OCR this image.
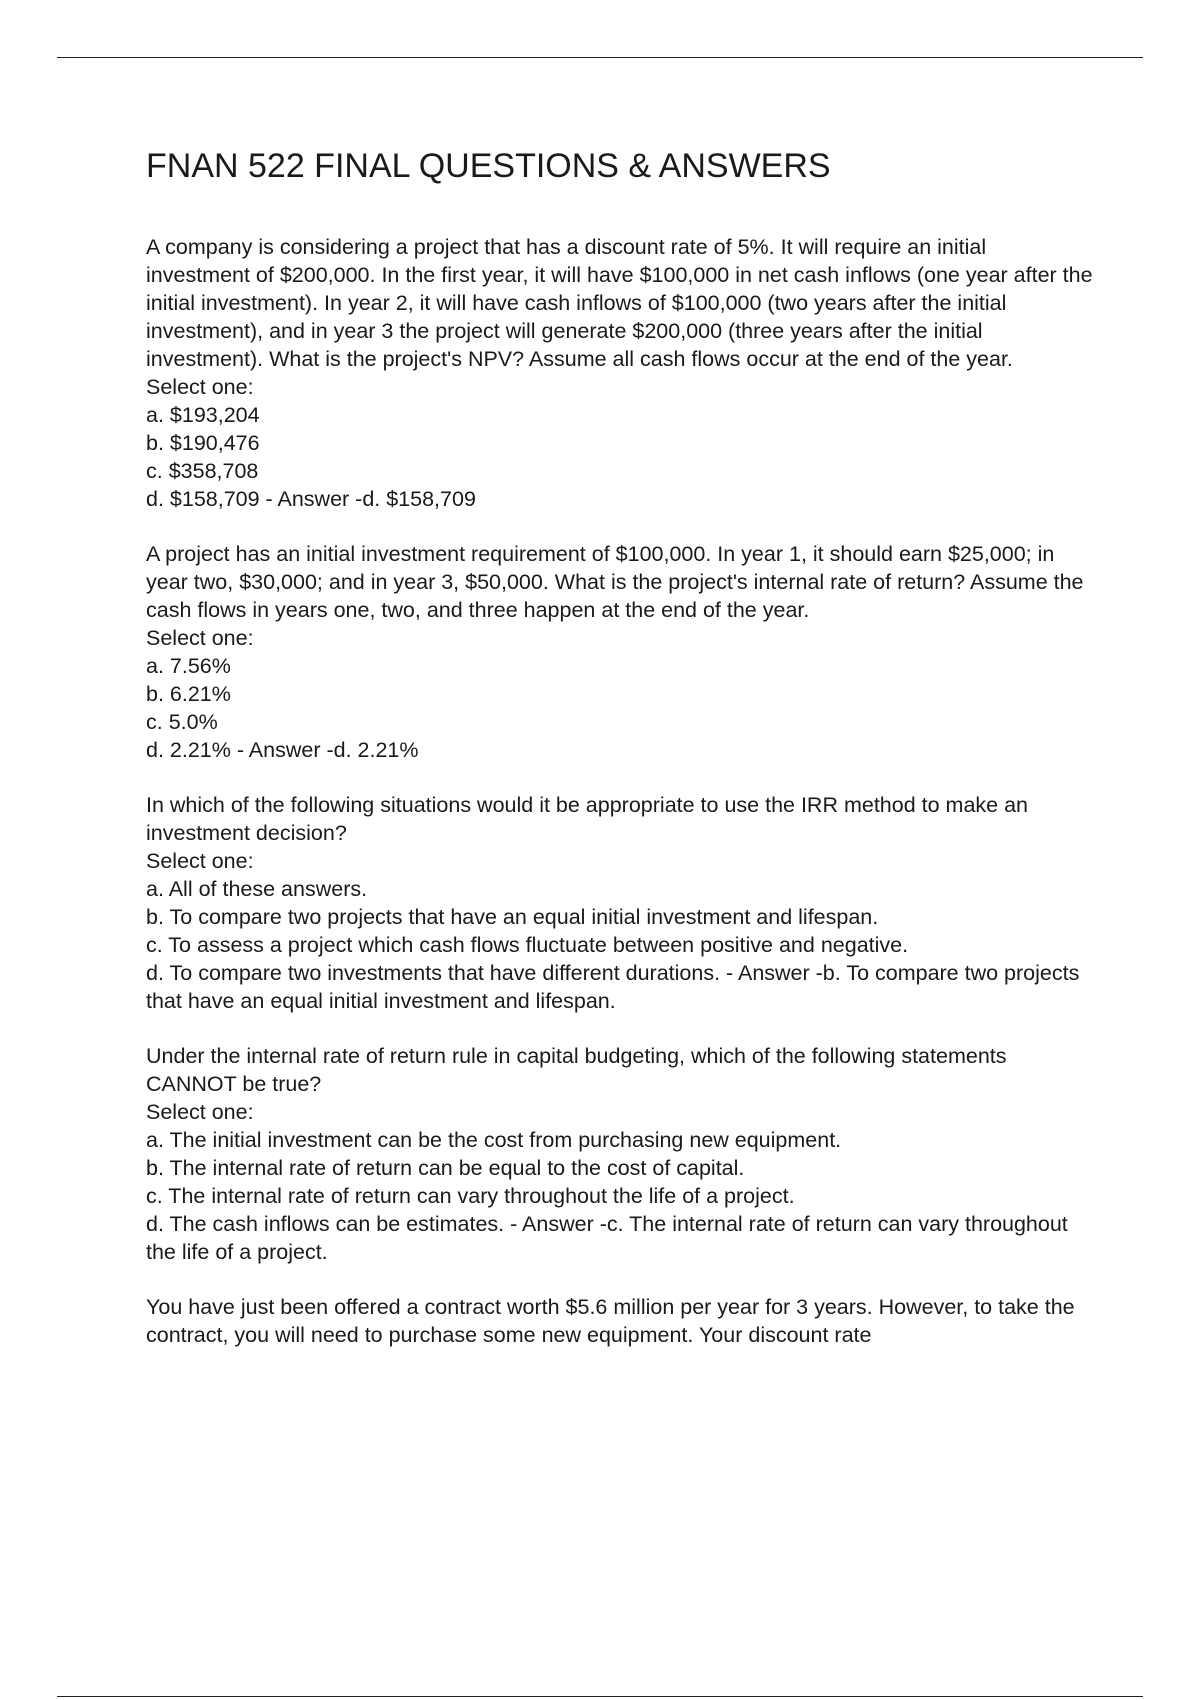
FNAN 522 FINAL QUESTIONS & ANSWERS

A company is considering a project that has a discount rate of 5%. It will require an initial investment of $200,000. In the first year, it will have $100,000 in net cash inflows (one year after the initial investment). In year 2, it will have cash inflows of $100,000 (two years after the initial investment), and in year 3 the project will generate $200,000 (three years after the initial investment). What is the project's NPV? Assume all cash flows occur at the end of the year.

Select one:

a. $193,204

b. $190,476

c. $358,708

d. $158,709 - Answer -d. $158,709

A project has an initial investment requirement of $100,000. In year 1, it should earn $25,000; in year two, $30,000; and in year 3, $50,000. What is the project's internal rate of return? Assume the cash flows in years one, two, and three happen at the end of the year.

Select one:

a. 7.56%

b. 6.21%

c. 5.0%

d. 2.21% - Answer -d. 2.21%

In which of the following situations would it be appropriate to use the IRR method to make an investment decision?

Select one:

a. All of these answers.

b. To compare two projects that have an equal initial investment and lifespan.

c. To assess a project which cash flows fluctuate between positive and negative.

d. To compare two investments that have different durations. - Answer -b. To compare two projects that have an equal initial investment and lifespan.

Under the internal rate of return rule in capital budgeting, which of the following statements CANNOT be true?

Select one:

a. The initial investment can be the cost from purchasing new equipment.

b. The internal rate of return can be equal to the cost of capital.

c. The internal rate of return can vary throughout the life of a project.

d. The cash inflows can be estimates. - Answer -c. The internal rate of return can vary throughout the life of a project.

You have just been offered a contract worth $5.6 million per year for 3 years. However, to take the contract, you will need to purchase some new equipment. Your discount rate
